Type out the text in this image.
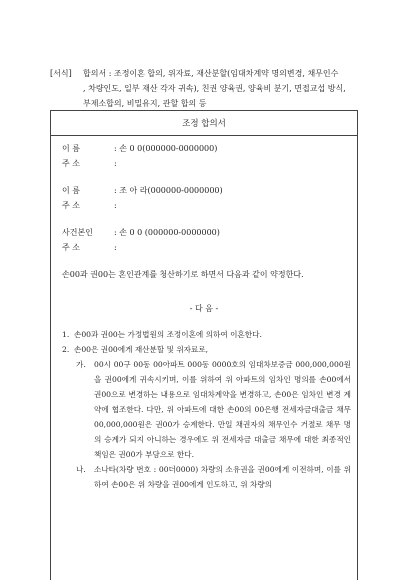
[서식]	합의서 : 조정이혼 합의, 위자료, 재산분할(임대차계약 명의변경, 채무인수
, 차량인도, 일부 재산 각자 귀속), 친권 양육권, 양육비 분기, 면접교섭 방식,
부제소합의, 비밀유지, 관할 합의 등
조정 합의서
이 름	: 손 0 0(000000-0000000)
주 소	:
이 름	: 조 아 라(000000-0000000)
주 소	:
사건본인	: 손 0 0 (000000-0000000)
주 소	:
손00과 권00는 혼인관계를 청산하기로 하면서 다음과 같이 약정한다.
- 다 음 -
1. 손00과 권00는 가정법원의 조정이혼에 의하여 이혼한다.
2. 손00은 권00에게 재산분할 및 위자료로,
가.	00시 00구 00동 00아파트 000동 0000호의 임대차보증금 000,000,000원을 권00에게 귀속시키며, 이를 위하여 위 아파트의 임차인 명의를 손00에서 권00으로 변경하는 내용으로 임대차계약을 변경하고, 손00은 임차인 변경 계약에 협조한다. 다만, 위 아파트에 대한 손00의 00은행 전세자금대출금 채무 00,000,000원은 권00가 승계한다. 만일 채권자의 채무인수 거절로 채무 명의 승계가 되지 아니하는 경우에도 위 전세자금 대출금 채무에 대한 최종적인 책임은 권00가 부담으로 한다.
나.	소나타(차량 번호 : 00더0000) 차량의 소유권을 권00에게 이전하며, 이를 위하여 손00은 위 차량을 권00에게 인도하고, 위 차량의
